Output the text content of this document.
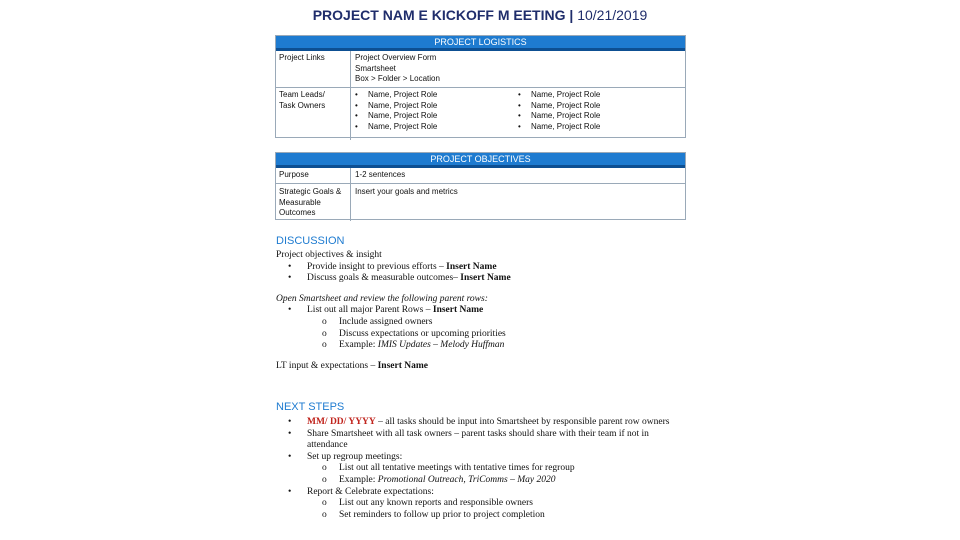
PROJECT NAM E KICKOFF M EETING | 10/21/2019
PROJECT LOGISTICS
Project Links	Project Overview Form
Smartsheet
Box > Folder > Location
Team Leads/ Task Owners
• Name, Project Role
• Name, Project Role
• Name, Project Role
• Name, Project Role
• Name, Project Role
• Name, Project Role
• Name, Project Role
• Name, Project Role
PROJECT OBJECTIVES
Purpose	1-2 sentences
Strategic Goals & Measurable Outcomes
Insert your goals and metrics
DISCUSSION
Project objectives & insight
• Provide insight to previous efforts – Insert Name
• Discuss goals & measurable outcomes– Insert Name
Open Smartsheet and review the following parent rows:
• List out all major Parent Rows – Insert Name
o Include assigned owners
o Discuss expectations or upcoming priorities
o Example: IMIS Updates – Melody Huffman
LT input & expectations – Insert Name
NEXT STEPS
• MM/ DD/ YYYY – all tasks should be input into Smartsheet by responsible parent row owners
• Share Smartsheet with all task owners – parent tasks should share with their team if not in attendance
• Set up regroup meetings:
o List out all tentative meetings with tentative times for regroup
o Example: Promotional Outreach, TriComms – May 2020
• Report & Celebrate expectations:
o List out any known reports and responsible owners
o Set reminders to follow up prior to project completion
